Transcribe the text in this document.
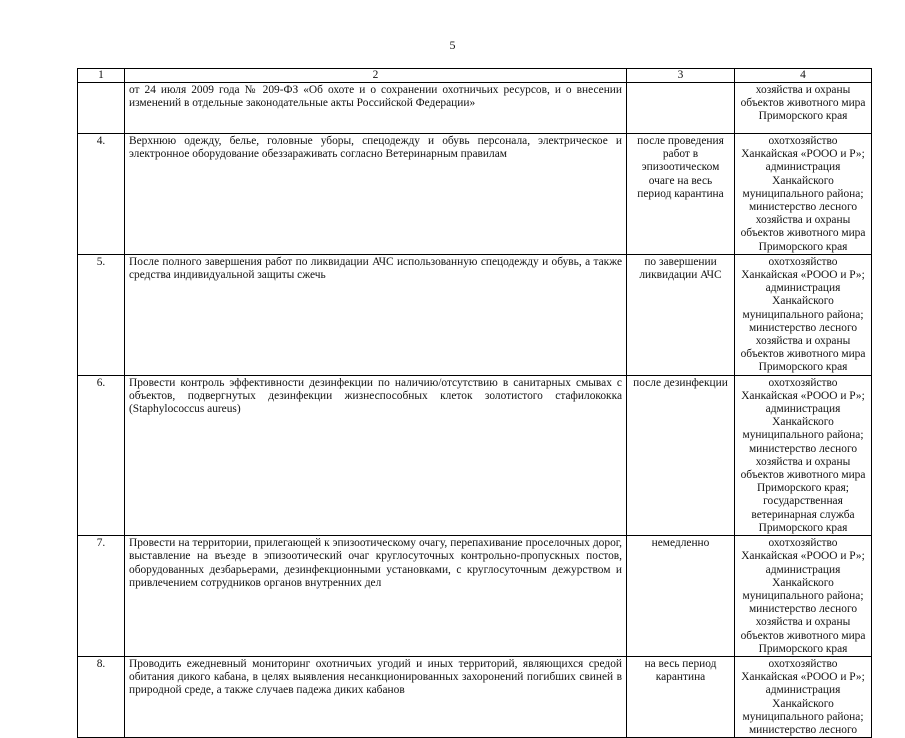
5
1	2	3	4
	от 24 июля 2009 года № 209-ФЗ «Об охоте и о сохранении охотничьих ресурсов, и о внесении изменений в отдельные законодательные акты Российской Федерации»		хозяйства и охраны объектов животного мира Приморского края
4.	Верхнюю одежду, белье, головные уборы, спецодежду и обувь персонала, электрическое и электронное оборудование обеззараживать согласно Ветеринарным правилам	после проведения работ в эпизоотическом очаге на весь период карантина	охотхозяйство Ханкайская «РООО и Р»; администрация Ханкайского муниципального района; министерство лесного хозяйства и охраны объектов животного мира Приморского края
5.	После полного завершения работ по ликвидации АЧС использованную спецодежду и обувь, а также средства индивидуальной защиты сжечь	по завершении ликвидации АЧС	охотхозяйство Ханкайская «РООО и Р»; администрация Ханкайского муниципального района; министерство лесного хозяйства и охраны объектов животного мира Приморского края
6.	Провести контроль эффективности дезинфекции по наличию/отсутствию в санитарных смывах с объектов, подвергнутых дезинфекции жизнеспособных клеток золотистого стафилококка (Staphylococcus aureus)	после дезинфекции	охотхозяйство Ханкайская «РООО и Р»; администрация Ханкайского муниципального района; министерство лесного хозяйства и охраны объектов животного мира Приморского края; государственная ветеринарная служба Приморского края
7.	Провести на территории, прилегающей к эпизоотическому очагу, перепахивание проселочных дорог, выставление на въезде в эпизоотический очаг круглосуточных контрольно-пропускных постов, оборудованных дезбарьерами, дезинфекционными установками, с круглосуточным дежурством и привлечением сотрудников органов внутренних дел	немедленно	охотхозяйство Ханкайская «РООО и Р»; администрация Ханкайского муниципального района; министерство лесного хозяйства и охраны объектов животного мира Приморского края
8.	Проводить ежедневный мониторинг охотничьих угодий и иных территорий, являющихся средой обитания дикого кабана, в целях выявления несанкционированных захоронений погибших свиней в природной среде, а также случаев падежа диких кабанов	на весь период карантина	охотхозяйство Ханкайская «РООО и Р»; администрация Ханкайского муниципального района; министерство лесного
